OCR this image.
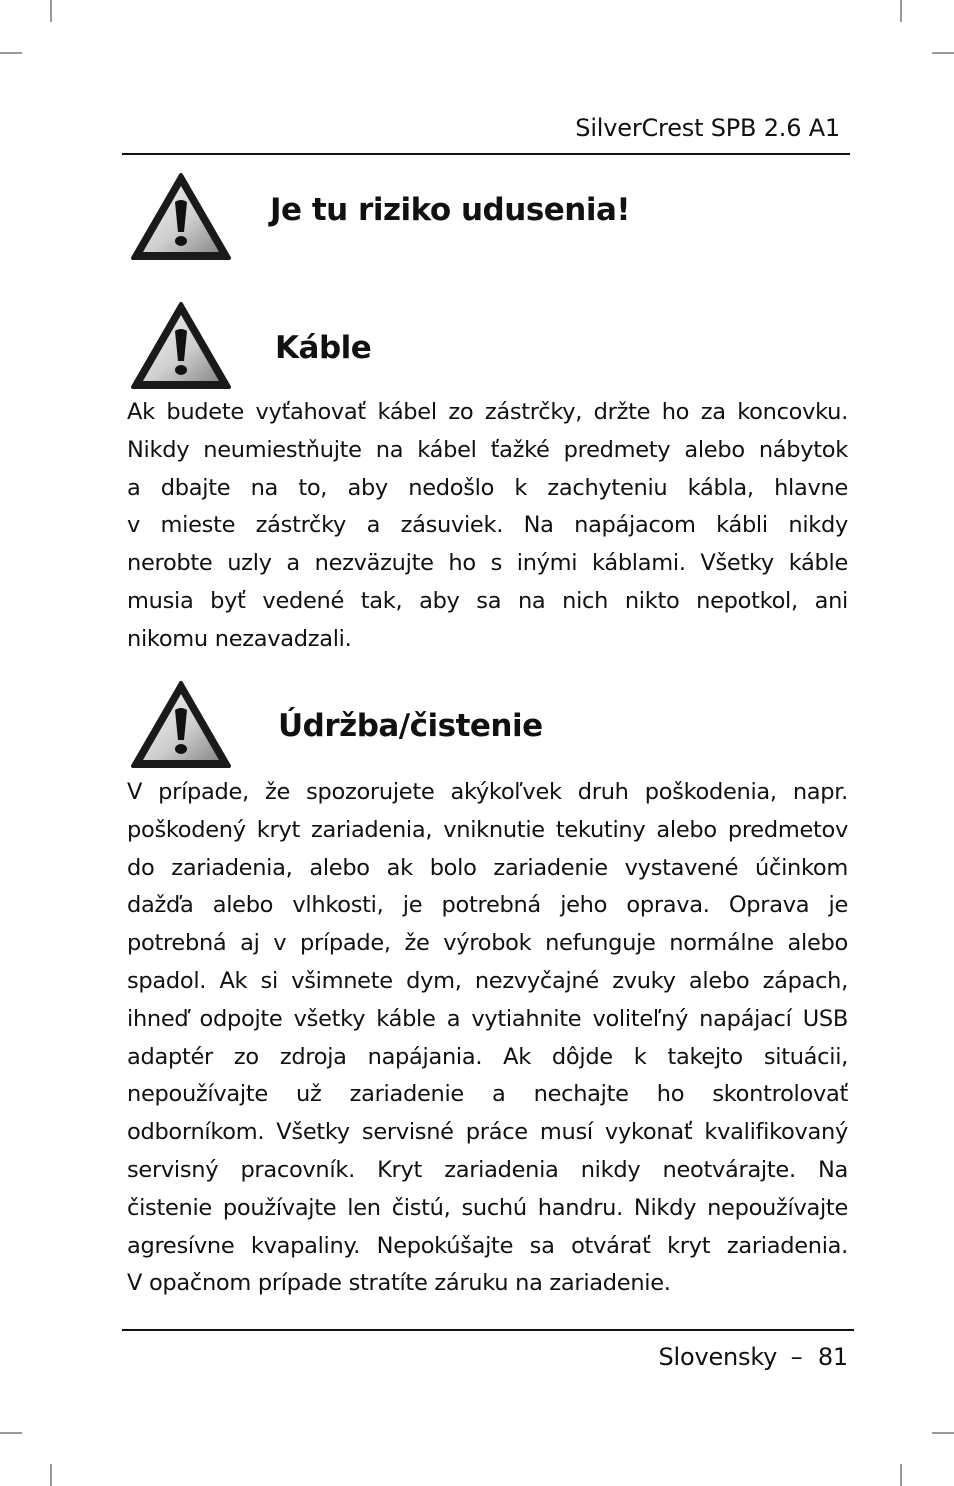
SilverCrest SPB 2.6 A1
Je tu riziko udusenia!
Káble
Ak budete vyťahovať kábel zo zástrčky, držte ho za koncovku.
Nikdy neumiestňujte na kábel ťažké predmety alebo nábytok
a dbajte na to, aby nedošlo k zachyteniu kábla, hlavne
v mieste zástrčky a zásuviek. Na napájacom kábli nikdy
nerobte uzly a nezväzujte ho s inými káblami. Všetky káble
musia byť vedené tak, aby sa na nich nikto nepotkol, ani
nikomu nezavadzali.
Údržba/čistenie
V prípade, že spozorujete akýkoľvek druh poškodenia, napr.
poškodený kryt zariadenia, vniknutie tekutiny alebo predmetov
do zariadenia, alebo ak bolo zariadenie vystavené účinkom
dažďa alebo vlhkosti, je potrebná jeho oprava. Oprava je
potrebná aj v prípade, že výrobok nefunguje normálne alebo
spadol. Ak si všimnete dym, nezvyčajné zvuky alebo zápach,
ihneď odpojte všetky káble a vytiahnite voliteľný napájací USB
adaptér zo zdroja napájania. Ak dôjde k takejto situácii,
nepoužívajte už zariadenie a nechajte ho skontrolovať
odborníkom. Všetky servisné práce musí vykonať kvalifikovaný
servisný pracovník. Kryt zariadenia nikdy neotvárajte. Na
čistenie používajte len čistú, suchú handru. Nikdy nepoužívajte
agresívne kvapaliny. Nepokúšajte sa otvárať kryt zariadenia.
V opačnom prípade stratíte záruku na zariadenie.
Slovensky – 81
